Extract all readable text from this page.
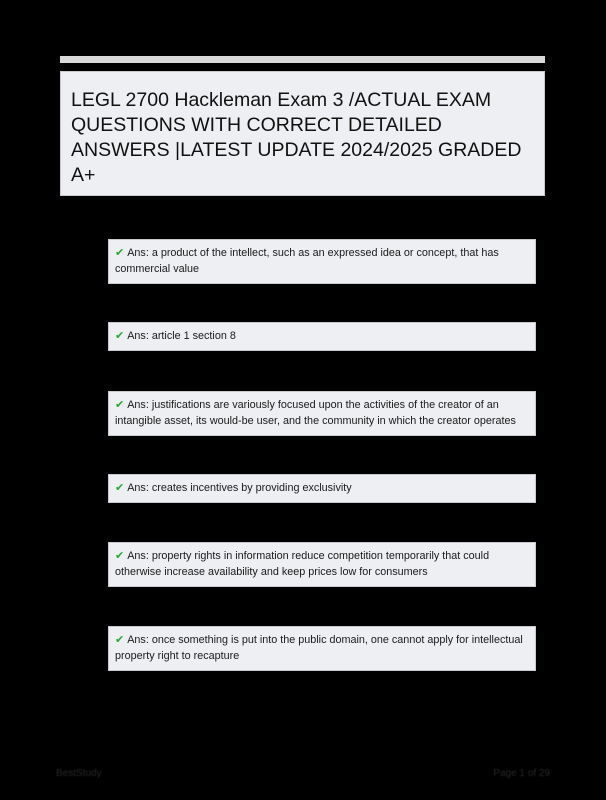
LEGL 2700 Hackleman Exam 3 /ACTUAL EXAM QUESTIONS WITH CORRECT DETAILED ANSWERS |LATEST UPDATE 2024/2025 GRADED A+
✔ Ans: a product of the intellect, such as an expressed idea or concept, that has commercial value
✔ Ans: article 1 section 8
✔ Ans: justifications are variously focused upon the activities of the creator of an intangible asset, its would-be user, and the community in which the creator operates
✔ Ans: creates incentives by providing exclusivity
✔ Ans: property rights in information reduce competition temporarily that could otherwise increase availability and keep prices low for consumers
✔ Ans: once something is put into the public domain, one cannot apply for intellectual property right to recapture
BestStudy	Page 1 of 29
